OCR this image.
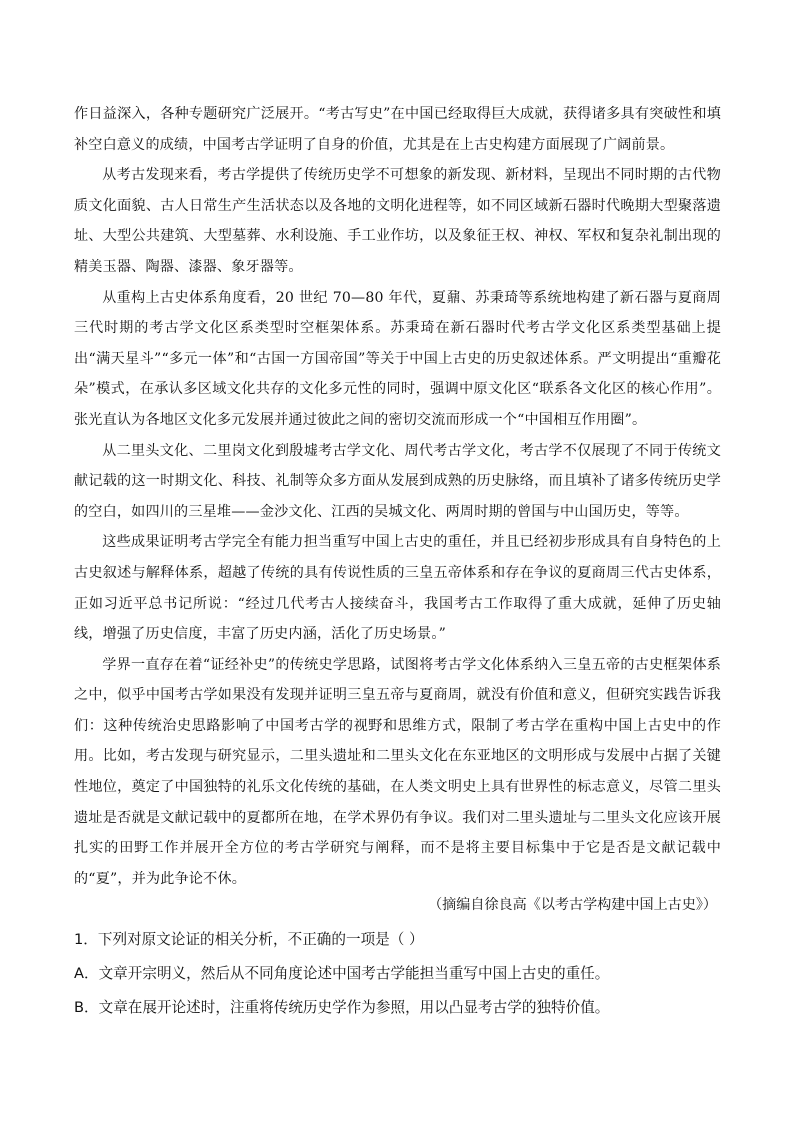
作日益深入，各种专题研究广泛展开。“考古写史”在中国已经取得巨大成就，获得诸多具有突破性和填补空白意义的成绩，中国考古学证明了自身的价值，尤其是在上古史构建方面展现了广阔前景。

从考古发现来看，考古学提供了传统历史学不可想象的新发现、新材料，呈现出不同时期的古代物质文化面貌、古人日常生产生活状态以及各地的文明化进程等，如不同区域新石器时代晚期大型聚落遗址、大型公共建筑、大型墓葬、水利设施、手工业作坊，以及象征王权、神权、军权和复杂礼制出现的精美玉器、陶器、漆器、象牙器等。

从重构上古史体系角度看，20 世纪 70—80 年代，夏鼐、苏秉琦等系统地构建了新石器与夏商周三代时期的考古学文化区系类型时空框架体系。苏秉琦在新石器时代考古学文化区系类型基础上提出“满天星斗”“多元一体”和“古国一方国帝国”等关于中国上古史的历史叙述体系。严文明提出“重瓣花朵”模式，在承认多区域文化共存的文化多元性的同时，强调中原文化区“联系各文化区的核心作用”。张光直认为各地区文化多元发展并通过彼此之间的密切交流而形成一个“中国相互作用圈”。

从二里头文化、二里岗文化到殷墟考古学文化、周代考古学文化，考古学不仅展现了不同于传统文献记载的这一时期文化、科技、礼制等众多方面从发展到成熟的历史脉络，而且填补了诸多传统历史学的空白，如四川的三星堆——金沙文化、江西的吴城文化、两周时期的曾国与中山国历史，等等。

这些成果证明考古学完全有能力担当重写中国上古史的重任，并且已经初步形成具有自身特色的上古史叙述与解释体系，超越了传统的具有传说性质的三皇五帝体系和存在争议的夏商周三代古史体系，正如习近平总书记所说：“经过几代考古人接续奋斗，我国考古工作取得了重大成就，延伸了历史轴线，增强了历史信度，丰富了历史内涵，活化了历史场景。”

学界一直存在着“证经补史”的传统史学思路，试图将考古学文化体系纳入三皇五帝的古史框架体系之中，似乎中国考古学如果没有发现并证明三皇五帝与夏商周，就没有价值和意义，但研究实践告诉我们：这种传统治史思路影响了中国考古学的视野和思维方式，限制了考古学在重构中国上古史中的作用。比如，考古发现与研究显示，二里头遗址和二里头文化在东亚地区的文明形成与发展中占据了关键性地位，奠定了中国独特的礼乐文化传统的基础，在人类文明史上具有世界性的标志意义，尽管二里头遗址是否就是文献记载中的夏都所在地，在学术界仍有争议。我们对二里头遗址与二里头文化应该开展扎实的田野工作并展开全方位的考古学研究与阐释，而不是将主要目标集中于它是否是文献记载中的“夏”，并为此争论不休。

（摘编自徐良高《以考古学构建中国上古史》）
1．下列对原文论证的相关分析，不正确的一项是（ ）
A．文章开宗明义，然后从不同角度论述中国考古学能担当重写中国上古史的重任。
B．文章在展开论述时，注重将传统历史学作为参照，用以凸显考古学的独特价值。
